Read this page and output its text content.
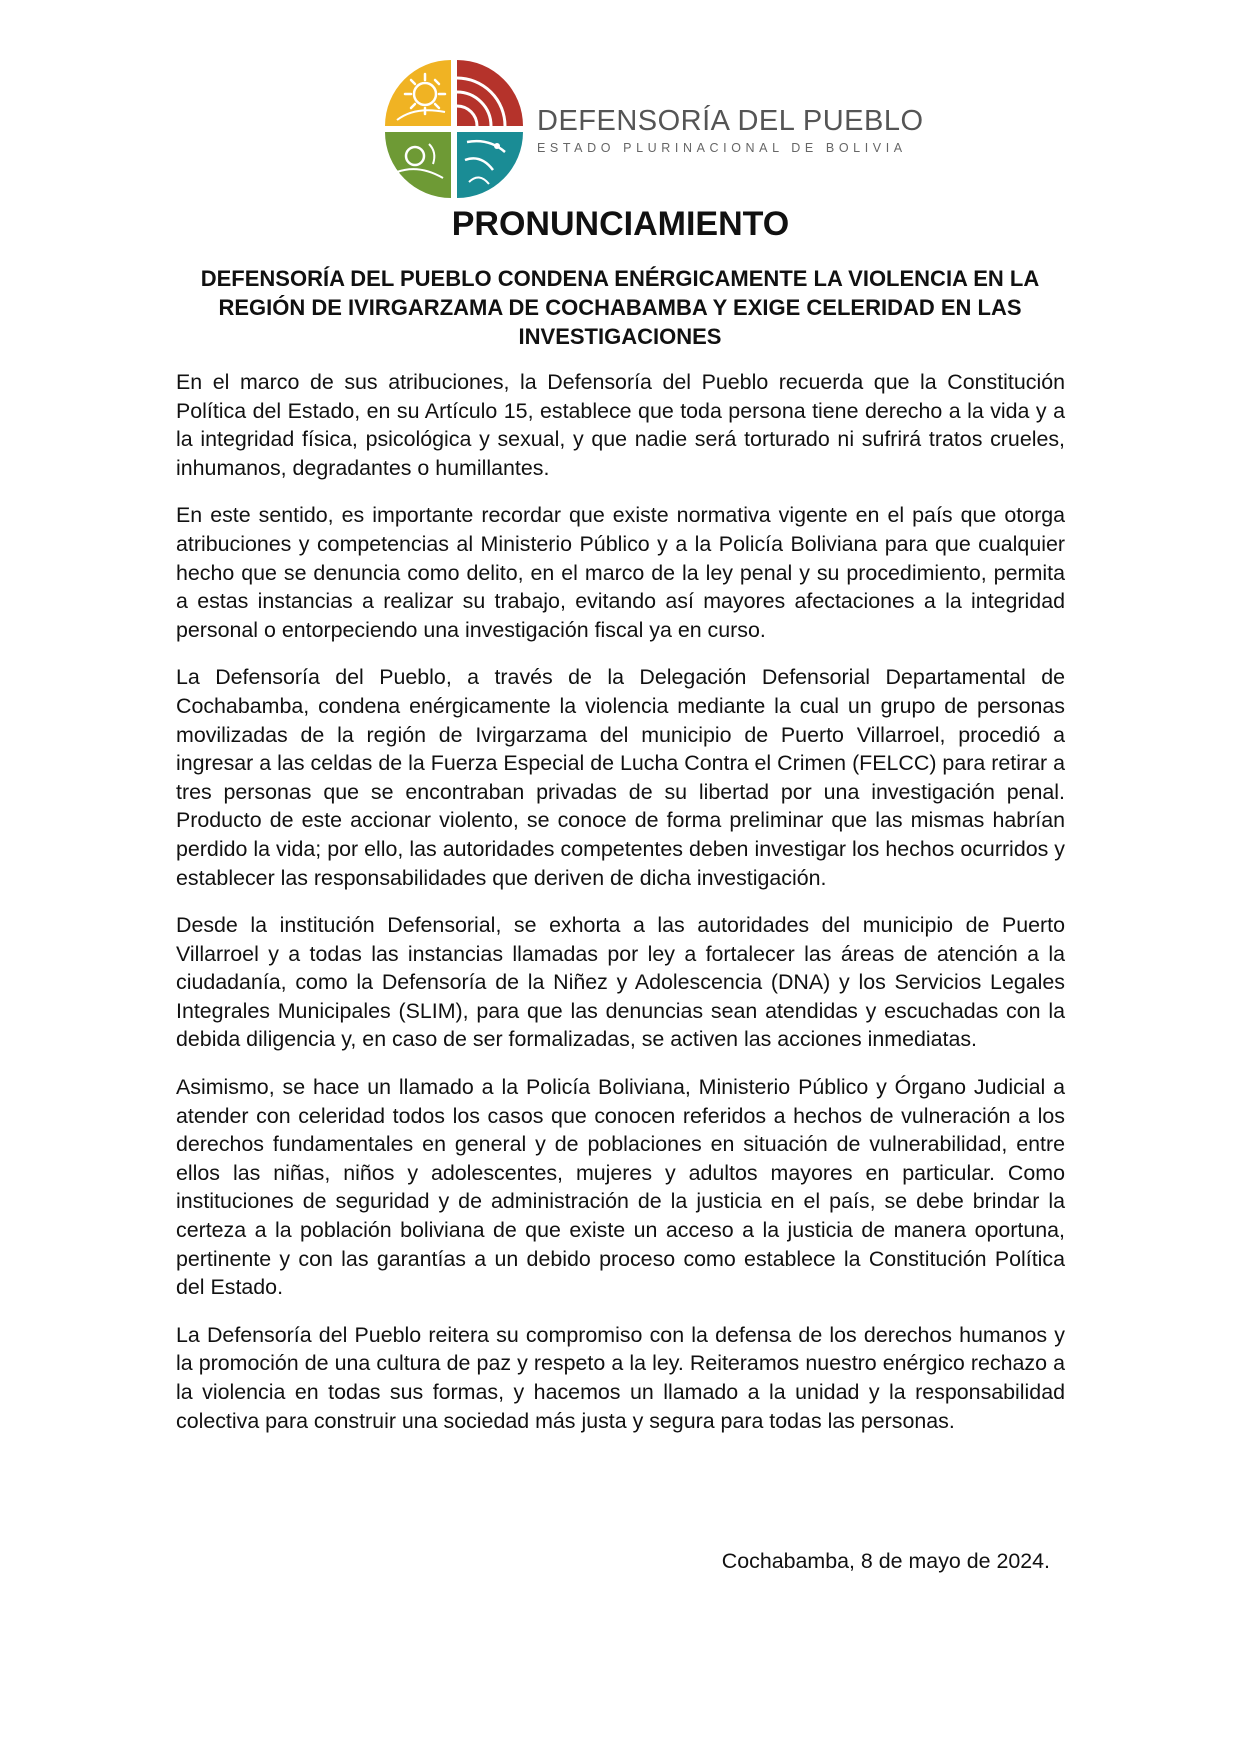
DEFENSORÍA DEL PUEBLO
ESTADO PLURINACIONAL DE BOLIVIA
PRONUNCIAMIENTO
DEFENSORÍA DEL PUEBLO CONDENA ENÉRGICAMENTE LA VIOLENCIA EN LA REGIÓN DE IVIRGARZAMA DE COCHABAMBA Y EXIGE CELERIDAD EN LAS INVESTIGACIONES

En el marco de sus atribuciones, la Defensoría del Pueblo recuerda que la Constitución Política del Estado, en su Artículo 15, establece que toda persona tiene derecho a la vida y a la integridad física, psicológica y sexual, y que nadie será torturado ni sufrirá tratos crueles, inhumanos, degradantes o humillantes.

En este sentido, es importante recordar que existe normativa vigente en el país que otorga atribuciones y competencias al Ministerio Público y a la Policía Boliviana para que cualquier hecho que se denuncia como delito, en el marco de la ley penal y su procedimiento, permita a estas instancias a realizar su trabajo, evitando así mayores afectaciones a la integridad personal o entorpeciendo una investigación fiscal ya en curso.

La Defensoría del Pueblo, a través de la Delegación Defensorial Departamental de Cochabamba, condena enérgicamente la violencia mediante la cual un grupo de personas movilizadas de la región de Ivirgarzama del municipio de Puerto Villarroel, procedió a ingresar a las celdas de la Fuerza Especial de Lucha Contra el Crimen (FELCC) para retirar a tres personas que se encontraban privadas de su libertad por una investigación penal. Producto de este accionar violento, se conoce de forma preliminar que las mismas habrían perdido la vida; por ello, las autoridades competentes deben investigar los hechos ocurridos y establecer las responsabilidades que deriven de dicha investigación.

Desde la institución Defensorial, se exhorta a las autoridades del municipio de Puerto Villarroel y a todas las instancias llamadas por ley a fortalecer las áreas de atención a la ciudadanía, como la Defensoría de la Niñez y Adolescencia (DNA) y los Servicios Legales Integrales Municipales (SLIM), para que las denuncias sean atendidas y escuchadas con la debida diligencia y, en caso de ser formalizadas, se activen las acciones inmediatas.

Asimismo, se hace un llamado a la Policía Boliviana, Ministerio Público y Órgano Judicial a atender con celeridad todos los casos que conocen referidos a hechos de vulneración a los derechos fundamentales en general y de poblaciones en situación de vulnerabilidad, entre ellos las niñas, niños y adolescentes, mujeres y adultos mayores en particular. Como instituciones de seguridad y de administración de la justicia en el país, se debe brindar la certeza a la población boliviana de que existe un acceso a la justicia de manera oportuna, pertinente y con las garantías a un debido proceso como establece la Constitución Política del Estado.

La Defensoría del Pueblo reitera su compromiso con la defensa de los derechos humanos y la promoción de una cultura de paz y respeto a la ley. Reiteramos nuestro enérgico rechazo a la violencia en todas sus formas, y hacemos un llamado a la unidad y la responsabilidad colectiva para construir una sociedad más justa y segura para todas las personas.

Cochabamba, 8 de mayo de 2024.
